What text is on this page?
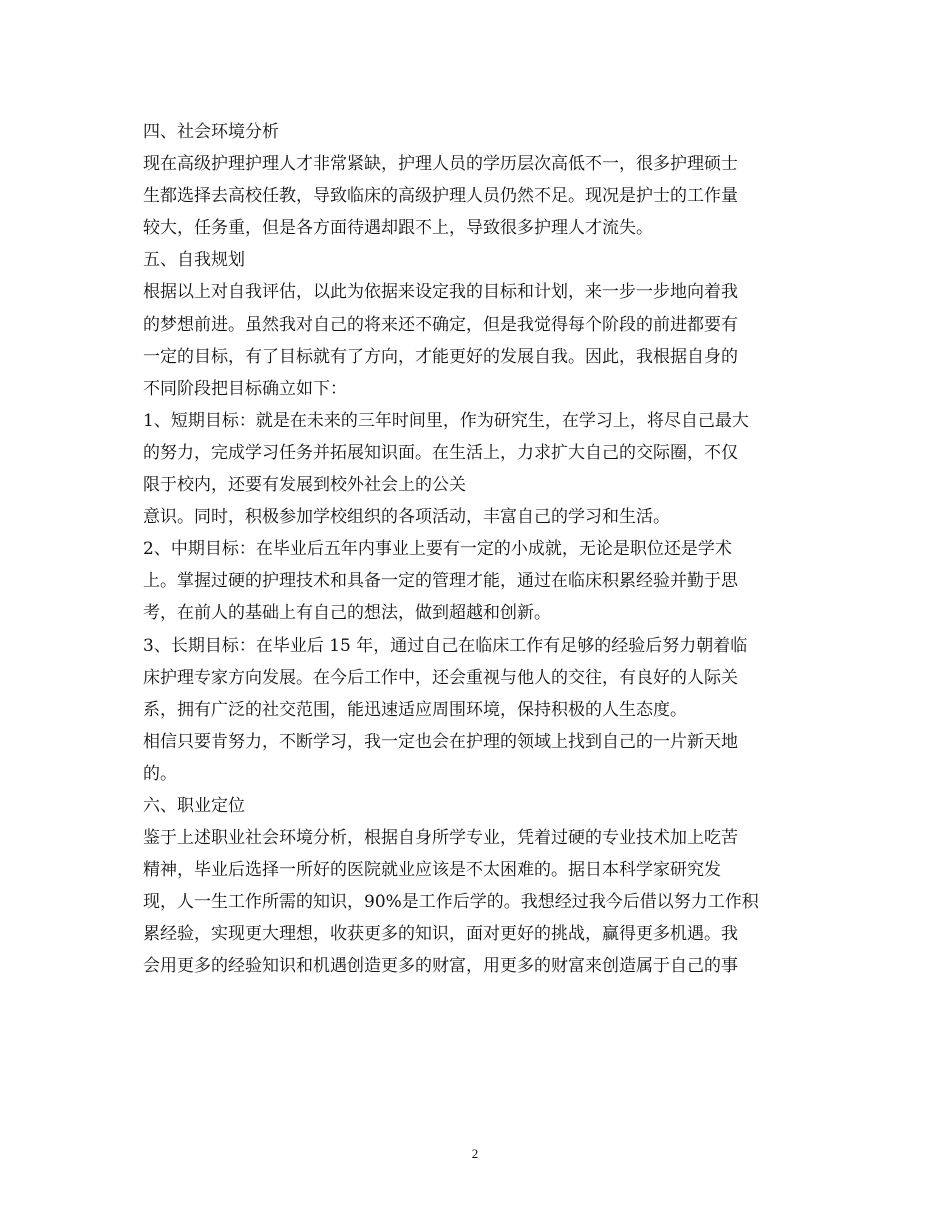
四、社会环境分析
现在高级护理护理人才非常紧缺，护理人员的学历层次高低不一，很多护理硕士
生都选择去高校任教，导致临床的高级护理人员仍然不足。现况是护士的工作量
较大，任务重，但是各方面待遇却跟不上，导致很多护理人才流失。
五、自我规划
根据以上对自我评估，以此为依据来设定我的目标和计划，来一步一步地向着我
的梦想前进。虽然我对自己的将来还不确定，但是我觉得每个阶段的前进都要有
一定的目标，有了目标就有了方向，才能更好的发展自我。因此，我根据自身的
不同阶段把目标确立如下：
1、短期目标：就是在未来的三年时间里，作为研究生，在学习上，将尽自己最大
的努力，完成学习任务并拓展知识面。在生活上，力求扩大自己的交际圈，不仅
限于校内，还要有发展到校外社会上的公关
意识。同时，积极参加学校组织的各项活动，丰富自己的学习和生活。
2、中期目标：在毕业后五年内事业上要有一定的小成就，无论是职位还是学术
上。掌握过硬的护理技术和具备一定的管理才能，通过在临床积累经验并勤于思
考，在前人的基础上有自己的想法，做到超越和创新。
3、长期目标：在毕业后 15 年，通过自己在临床工作有足够的经验后努力朝着临
床护理专家方向发展。在今后工作中，还会重视与他人的交往，有良好的人际关
系，拥有广泛的社交范围，能迅速适应周围环境，保持积极的人生态度。
相信只要肯努力，不断学习，我一定也会在护理的领域上找到自己的一片新天地
的。
六、职业定位
鉴于上述职业社会环境分析，根据自身所学专业，凭着过硬的专业技术加上吃苦
精神，毕业后选择一所好的医院就业应该是不太困难的。据日本科学家研究发
现，人一生工作所需的知识，90%是工作后学的。我想经过我今后借以努力工作积
累经验，实现更大理想，收获更多的知识，面对更好的挑战，赢得更多机遇。我
会用更多的经验知识和机遇创造更多的财富，用更多的财富来创造属于自己的事
2
